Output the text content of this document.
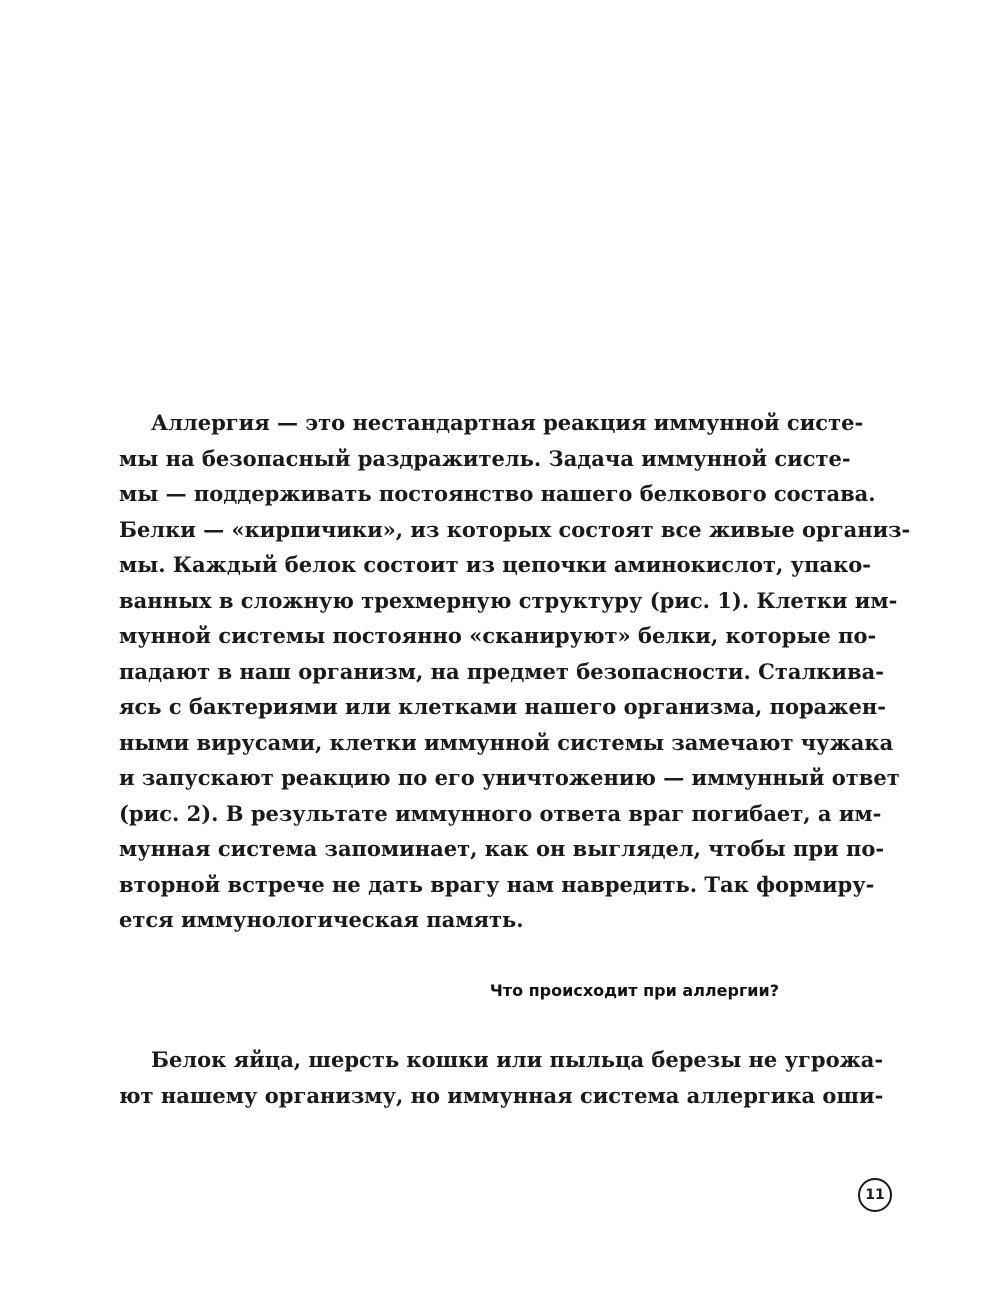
Аллергия — это нестандартная реакция иммунной систе-
мы на безопасный раздражитель. Задача иммунной систе-
мы — поддерживать постоянство нашего белкового состава.
Белки — «кирпичики», из которых состоят все живые организ-
мы. Каждый белок состоит из цепочки аминокислот, упако-
ванных в сложную трехмерную структуру (рис. 1). Клетки им-
мунной системы постоянно «сканируют» белки, которые по-
падают в наш организм, на предмет безопасности. Сталкива-
ясь с бактериями или клетками нашего организма, поражен-
ными вирусами, клетки иммунной системы замечают чужака
и запускают реакцию по его уничтожению — иммунный ответ
(рис. 2). В результате иммунного ответа враг погибает, а им-
мунная система запоминает, как он выглядел, чтобы при по-
вторной встрече не дать врагу нам навредить. Так формиру-
ется иммунологическая память.
Что происходит при аллергии?
Белок яйца, шерсть кошки или пыльца березы не угрожа-
ют нашему организму, но иммунная система аллергика оши-
11
